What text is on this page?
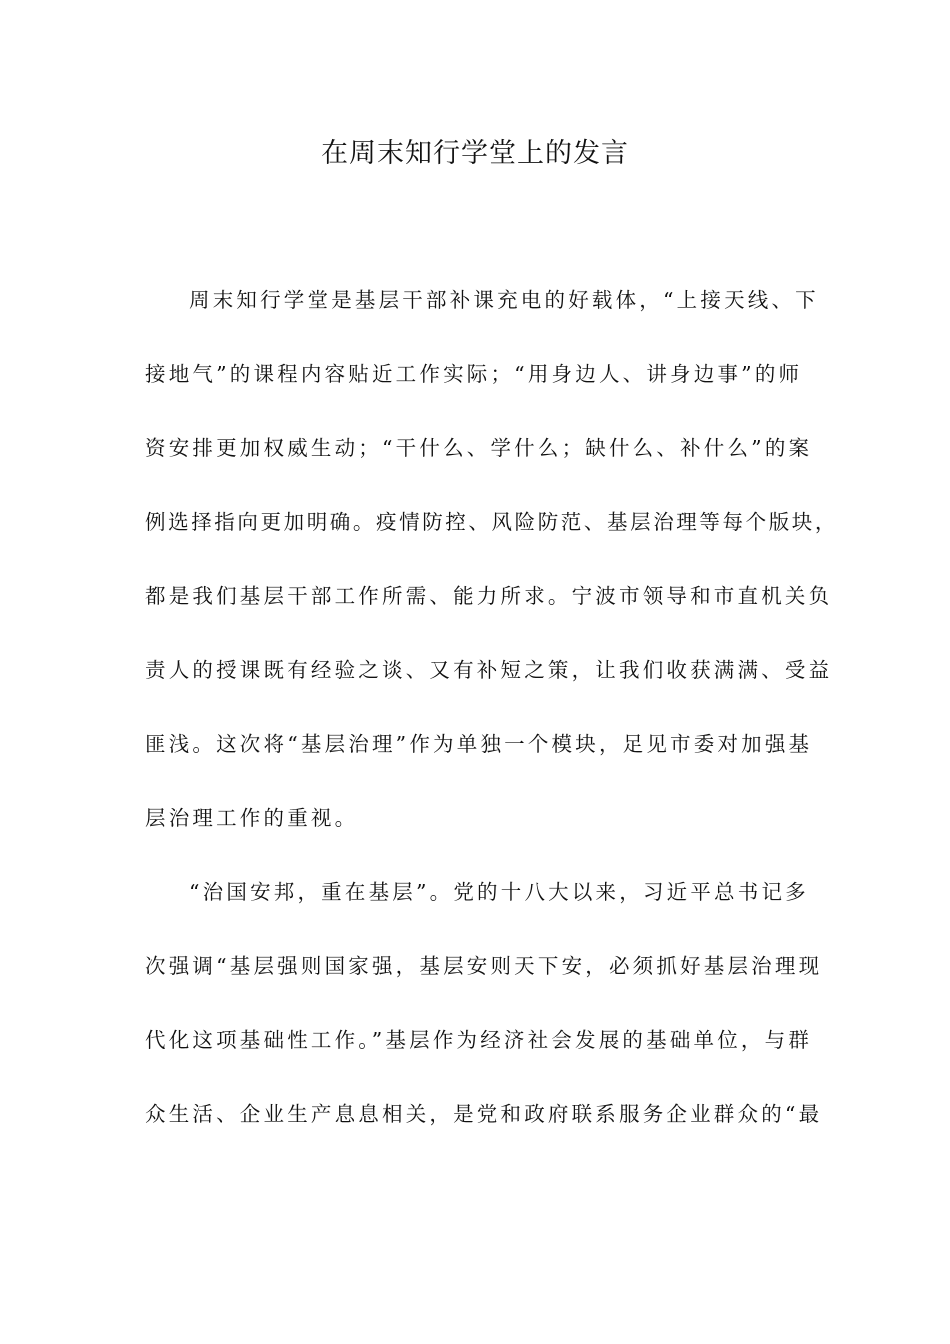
在周末知行学堂上的发言
周末知行学堂是基层干部补课充电的好载体，“上接天线、下
接地气”的课程内容贴近工作实际；“用身边人、讲身边事”的师
资安排更加权威生动；“干什么、学什么；缺什么、补什么”的案
例选择指向更加明确。疫情防控、风险防范、基层治理等每个版块，
都是我们基层干部工作所需、能力所求。宁波市领导和市直机关负
责人的授课既有经验之谈、又有补短之策，让我们收获满满、受益
匪浅。这次将“基层治理”作为单独一个模块，足见市委对加强基
层治理工作的重视。
“治国安邦，重在基层”。党的十八大以来，习近平总书记多
次强调“基层强则国家强，基层安则天下安，必须抓好基层治理现
代化这项基础性工作。”基层作为经济社会发展的基础单位，与群
众生活、企业生产息息相关，是党和政府联系服务企业群众的“最
